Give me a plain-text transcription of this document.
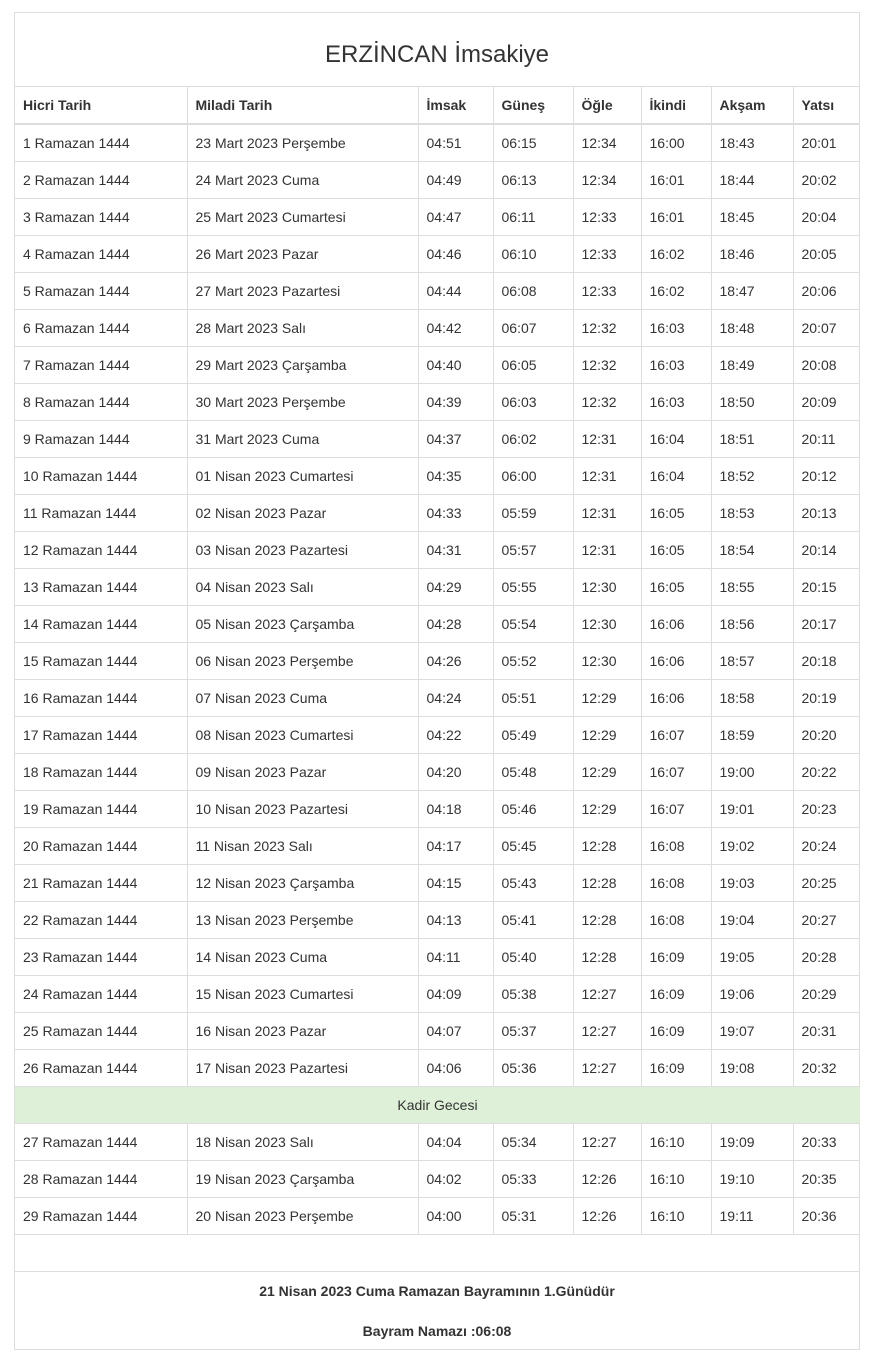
ERZİNCAN İmsakiye
Hicri Tarih	Miladi Tarih	İmsak	Güneş	Öğle	İkindi	Akşam	Yatsı
1 Ramazan 1444	23 Mart 2023 Perşembe	04:51	06:15	12:34	16:00	18:43	20:01
2 Ramazan 1444	24 Mart 2023 Cuma	04:49	06:13	12:34	16:01	18:44	20:02
3 Ramazan 1444	25 Mart 2023 Cumartesi	04:47	06:11	12:33	16:01	18:45	20:04
4 Ramazan 1444	26 Mart 2023 Pazar	04:46	06:10	12:33	16:02	18:46	20:05
5 Ramazan 1444	27 Mart 2023 Pazartesi	04:44	06:08	12:33	16:02	18:47	20:06
6 Ramazan 1444	28 Mart 2023 Salı	04:42	06:07	12:32	16:03	18:48	20:07
7 Ramazan 1444	29 Mart 2023 Çarşamba	04:40	06:05	12:32	16:03	18:49	20:08
8 Ramazan 1444	30 Mart 2023 Perşembe	04:39	06:03	12:32	16:03	18:50	20:09
9 Ramazan 1444	31 Mart 2023 Cuma	04:37	06:02	12:31	16:04	18:51	20:11
10 Ramazan 1444	01 Nisan 2023 Cumartesi	04:35	06:00	12:31	16:04	18:52	20:12
11 Ramazan 1444	02 Nisan 2023 Pazar	04:33	05:59	12:31	16:05	18:53	20:13
12 Ramazan 1444	03 Nisan 2023 Pazartesi	04:31	05:57	12:31	16:05	18:54	20:14
13 Ramazan 1444	04 Nisan 2023 Salı	04:29	05:55	12:30	16:05	18:55	20:15
14 Ramazan 1444	05 Nisan 2023 Çarşamba	04:28	05:54	12:30	16:06	18:56	20:17
15 Ramazan 1444	06 Nisan 2023 Perşembe	04:26	05:52	12:30	16:06	18:57	20:18
16 Ramazan 1444	07 Nisan 2023 Cuma	04:24	05:51	12:29	16:06	18:58	20:19
17 Ramazan 1444	08 Nisan 2023 Cumartesi	04:22	05:49	12:29	16:07	18:59	20:20
18 Ramazan 1444	09 Nisan 2023 Pazar	04:20	05:48	12:29	16:07	19:00	20:22
19 Ramazan 1444	10 Nisan 2023 Pazartesi	04:18	05:46	12:29	16:07	19:01	20:23
20 Ramazan 1444	11 Nisan 2023 Salı	04:17	05:45	12:28	16:08	19:02	20:24
21 Ramazan 1444	12 Nisan 2023 Çarşamba	04:15	05:43	12:28	16:08	19:03	20:25
22 Ramazan 1444	13 Nisan 2023 Perşembe	04:13	05:41	12:28	16:08	19:04	20:27
23 Ramazan 1444	14 Nisan 2023 Cuma	04:11	05:40	12:28	16:09	19:05	20:28
24 Ramazan 1444	15 Nisan 2023 Cumartesi	04:09	05:38	12:27	16:09	19:06	20:29
25 Ramazan 1444	16 Nisan 2023 Pazar	04:07	05:37	12:27	16:09	19:07	20:31
26 Ramazan 1444	17 Nisan 2023 Pazartesi	04:06	05:36	12:27	16:09	19:08	20:32
Kadir Gecesi							
27 Ramazan 1444	18 Nisan 2023 Salı	04:04	05:34	12:27	16:10	19:09	20:33
28 Ramazan 1444	19 Nisan 2023 Çarşamba	04:02	05:33	12:26	16:10	19:10	20:35
29 Ramazan 1444	20 Nisan 2023 Perşembe	04:00	05:31	12:26	16:10	19:11	20:36
21 Nisan 2023 Cuma Ramazan Bayramının 1.Günüdür
Bayram Namazı :06:08
